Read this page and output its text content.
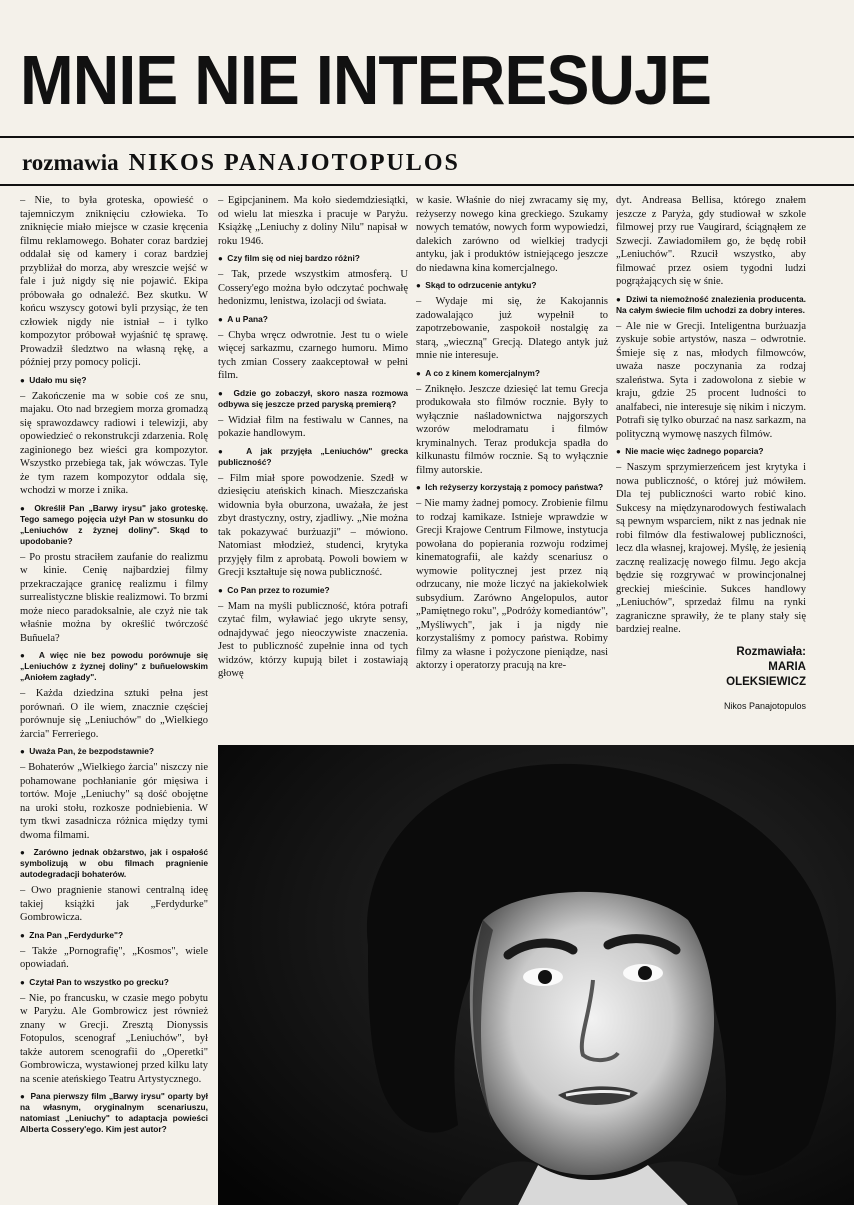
MNIE NIE INTERESUJE
rozmawia NIKOS PANAJOTOPULOS

– Nie, to była groteska, opowieść o tajemniczym zniknięciu człowieka. To zniknięcie miało miejsce w czasie kręcenia filmu reklamowego. Bohater coraz bardziej oddalał się od kamery i coraz bardziej przybliżał do morza, aby wreszcie wejść w fale i już nigdy się nie pojawić. Ekipa próbowała go odnaleźć. Bez skutku. W końcu wszyscy gotowi byli przysiąc, że ten człowiek nigdy nie istniał – i tylko kompozytor próbował wyjaśnić tę sprawę. Prowadził śledztwo na własną rękę, a później przy pomocy policji.

●  Udało mu się?

– Zakończenie ma w sobie coś ze snu, majaku. Oto nad brzegiem morza gromadzą się sprawozdawcy radiowi i telewizji, aby opowiedzieć o rekonstrukcji zdarzenia. Rolę zaginionego bez wieści gra kompozytor. Wszystko przebiega tak, jak wówczas. Tyle że tym razem kompozytor oddala się, wchodzi w morze i znika.

●  Określił Pan „Barwy irysu" jako groteskę. Tego samego pojęcia użył Pan w stosunku do „Leniuchów z żyznej doliny". Skąd to upodobanie?

– Po prostu straciłem zaufanie do realizmu w kinie. Cenię najbardziej filmy przekraczające granicę realizmu i filmy surrealistyczne bliskie realizmowi. To brzmi może nieco paradoksalnie, ale czyż nie tak właśnie można by określić twórczość Buñuela?

●  A więc nie bez powodu porównuje się „Leniuchów z żyznej doliny" z buñuelowskim „Aniołem zagłady".

– Każda dziedzina sztuki pełna jest porównań. O ile wiem, znacznie częściej porównuje się „Leniuchów" do „Wielkiego żarcia" Ferreriego.

●  Uważa Pan, że bezpodstawnie?

– Bohaterów „Wielkiego żarcia" niszczy nie pohamowane pochłanianie gór mięsiwa i tortów. Moje „Leniuchy" są dość obojętne na uroki stołu, rozkosze podniebienia. W tym tkwi zasadnicza różnica między tymi dwoma filmami.

●  Zarówno jednak obżarstwo, jak i ospałość symbolizują w obu filmach pragnienie autodegradacji bohaterów.

– Owo pragnienie stanowi centralną ideę takiej książki jak „Ferdydurke" Gombrowicza.

●  Zna Pan „Ferdydurke"?

– Także „Pornografię", „Kosmos", wiele opowiadań.

●  Czytał Pan to wszystko po grecku?

– Nie, po francusku, w czasie mego pobytu w Paryżu. Ale Gombrowicz jest również znany w Grecji. Zresztą Dionyssis Fotopulos, scenograf „Leniuchów", był także autorem scenografii do „Operetki" Gombrowicza, wystawionej przed kilku laty na scenie ateńskiego Teatru Artystycznego.

●  Pana pierwszy film „Barwy irysu" oparty był na własnym, oryginalnym scenariuszu, natomiast „Leniuchy" to adaptacja powieści Alberta Cossery'ego. Kim jest autor?

– Egipcjaninem. Ma koło siedemdziesiątki, od wielu lat mieszka i pracuje w Paryżu. Książkę „Leniuchy z doliny Nilu" napisał w roku 1946.

●  Czy film się od niej bardzo różni?

– Tak, przede wszystkim atmosferą. U Cossery'ego można było odczytać pochwałę hedonizmu, lenistwa, izolacji od świata.

●  A u Pana?

– Chyba wręcz odwrotnie. Jest tu o wiele więcej sarkazmu, czarnego humoru. Mimo tych zmian Cossery zaakceptował w pełni film.

●  Gdzie go zobaczył, skoro nasza rozmowa odbywa się jeszcze przed paryską premierą?

– Widział film na festiwalu w Cannes, na pokazie handlowym.

●  A jak przyjęła „Leniuchów" grecka publiczność?

– Film miał spore powodzenie. Szedł w dziesięciu ateńskich kinach. Mieszczańska widownia była oburzona, uważała, że jest zbyt drastyczny, ostry, zjadliwy. „Nie można tak pokazywać burżuazji" – mówiono. Natomiast młodzież, studenci, krytyka przyjęły film z aprobatą. Powoli bowiem w Grecji kształtuje się nowa publiczność.

●  Co Pan przez to rozumie?

– Mam na myśli publiczność, która potrafi czytać film, wyławiać jego ukryte sensy, odnajdywać jego nieoczywiste znaczenia. Jest to publiczność zupełnie inna od tych widzów, którzy kupują bilet i zostawiają głowę

w kasie. Właśnie do niej zwracamy się my, reżyserzy nowego kina greckiego. Szukamy nowych tematów, nowych form wypowiedzi, dalekich zarówno od wielkiej tradycji antyku, jak i produktów istniejącego jeszcze do niedawna kina komercjalnego.

●  Skąd to odrzucenie antyku?

– Wydaje mi się, że Kakojannis zadowalająco już wypełnił to zapotrzebowanie, zaspokoił nostalgię za starą, „wieczną" Grecją. Dlatego antyk już mnie nie interesuje.

●  A co z kinem komercjalnym?

– Zniknęło. Jeszcze dziesięć lat temu Grecja produkowała sto filmów rocznie. Były to wyłącznie naśladownictwa najgorszych wzorów melodramatu i filmów kryminalnych. Teraz produkcja spadła do kilkunastu filmów rocznie. Są to wyłącznie filmy autorskie.

●  Ich reżyserzy korzystają z pomocy państwa?

– Nie mamy żadnej pomocy. Zrobienie filmu to rodzaj kamikaze. Istnieje wprawdzie w Grecji Krajowe Centrum Filmowe, instytucja powołana do popierania rozwoju rodzimej kinematografii, ale każdy scenariusz o wymowie politycznej jest przez nią odrzucany, nie może liczyć na jakiekolwiek subsydium. Zarówno Angelopulos, autor „Pamiętnego roku", „Podróży komediantów", „Myśliwych", jak i ja nigdy nie korzystaliśmy z pomocy państwa. Robimy filmy za własne i pożyczone pieniądze, nasi aktorzy i operatorzy pracują na kre-

dyt. Andreasa Bellisa, którego znałem jeszcze z Paryża, gdy studiował w szkole filmowej przy rue Vaugirard, ściągnąłem ze Szwecji. Zawiadomiłem go, że będę robił „Leniuchów". Rzucił wszystko, aby filmować przez osiem tygodni ludzi pogrążających się w śnie.

●  Dziwi ta niemożność znalezienia producenta. Na całym świecie film uchodzi za dobry interes.

– Ale nie w Grecji. Inteligentna burżuazja zyskuje sobie artystów, nasza – odwrotnie. Śmieje się z nas, młodych filmowców, uważa nasze poczynania za rodzaj szaleństwa. Syta i zadowolona z siebie w kraju, gdzie 25 procent ludności to analfabeci, nie interesuje się nikim i niczym. Potrafi się tylko oburzać na nasz sarkazm, na polityczną wymowę naszych filmów.

●  Nie macie więc żadnego poparcia?

– Naszym sprzymierzeńcem jest krytyka i nowa publiczność, o której już mówiłem. Dla tej publiczności warto robić kino. Sukcesy na międzynarodowych festiwalach są pewnym wsparciem, nikt z nas jednak nie robi filmów dla festiwalowej publiczności, lecz dla własnej, krajowej. Myślę, że jesienią zacznę realizację nowego filmu. Jego akcja będzie się rozgrywać w prowincjonalnej greckiej mieścinie. Sukces handlowy „Leniuchów", sprzedaż filmu na rynki zagraniczne sprawiły, że te plany stały się bardziej realne.

Rozmawiała:
MARIA
OLEKSIEWICZ
Nikos Panajotopulos
